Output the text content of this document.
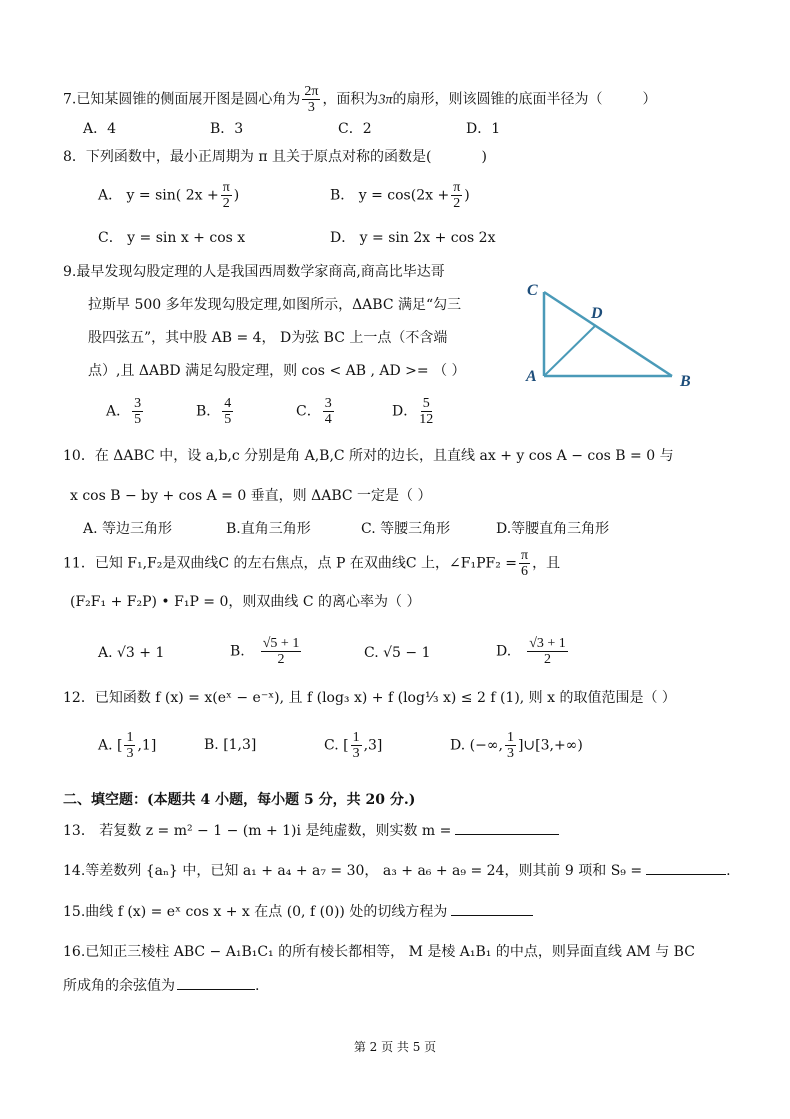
7.已知某圆锥的侧面展开图是圆心角为 $\frac{2\pi}{3}$ ，面积为3π的扇形，则该圆锥的底面半径为（	）
A．4	B．3	C．2	D．1
8．下列函数中，最小正周期为 π 且关于原点对称的函数是(	)
A． y = sin( $2x + \frac{\pi}{2}$ )	B． $y = \cos(2x + \frac{\pi}{2}$ )
C． y = sin x + cos x	D． y = sin 2x + cos 2x
9.最早发现勾股定理的人是我国西周数学家商高,商高比毕达哥
拉斯早 500 多年发现勾股定理,如图所示，ΔABC 满足“勾三
股四弦五”，其中股 AB = 4， D为弦 BC 上一点（不含端
点）,且 ΔABD 满足勾股定理，则 cos < AB , AD >= （ ）
A． $\frac{3}{5}$	B． $\frac{4}{5}$	C． $\frac{3}{4}$	D． $\frac{5}{12}$
C
D
A	B
10．在 ΔABC 中，设 a,b,c 分别是角 A,B,C 所对的边长，且直线 ax + y cos A − cos B = 0 与
x cos B − by + cos A = 0 垂直，则 ΔABC 一定是（ ）
A. 等边三角形	B.直角三角形	C. 等腰三角形	D.等腰直角三角形
11．已知 F₁,F₂是双曲线C 的左右焦点，点 P 在双曲线C 上，∠F₁PF₂ = $\frac{\pi}{6}$ ，且
(F₂F₁ + F₂P) • F₁P = 0，则双曲线 C 的离心率为（ ）
A. √3 + 1	B. $\frac{√5 + 1}{2}$	C. √5 − 1	D. $\frac{√3 + 1}{2}$
12．已知函数 f (x) = x(eˣ − e⁻ˣ), 且 f (log₃ x) + f (log⅓ x) ≤ 2 f (1), 则 x 的取值范围是（ ）
A. [ $\frac{1}{3} ,1$]	B. [1,3]	C. [ $\frac{1}{3} ,3$]	D. (−∞, $\frac{1}{3}$ ]∪[3,+∞)
二、填空题：(本题共 4 小题，每小题 5 分，共 20 分.)
13． 若复数 z = m² − 1 − (m + 1)i 是纯虚数，则实数 m =
14.等差数列 {aₙ} 中，已知 a₁ + a₄ + a₇ = 30， a₃ + a₆ + a₉ = 24，则其前 9 项和 S₉ =	.
15.曲线 f (x) = eˣ cos x + x 在点 (0, f (0)) 处的切线方程为
16.已知正三棱柱 ABC − A₁B₁C₁ 的所有棱长都相等， M 是棱 A₁B₁ 的中点，则异面直线 AM 与 BC
所成角的余弦值为	.
第 2 页 共 5 页
